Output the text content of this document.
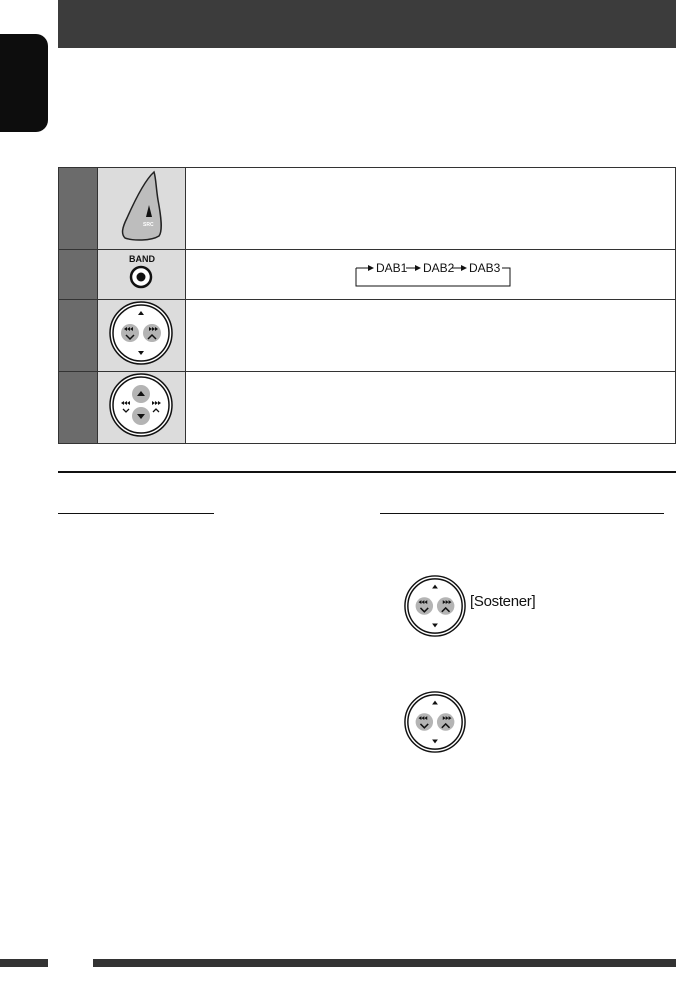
SRC	

BAND	DAB1 DAB2 DAB3

[Sostener]
